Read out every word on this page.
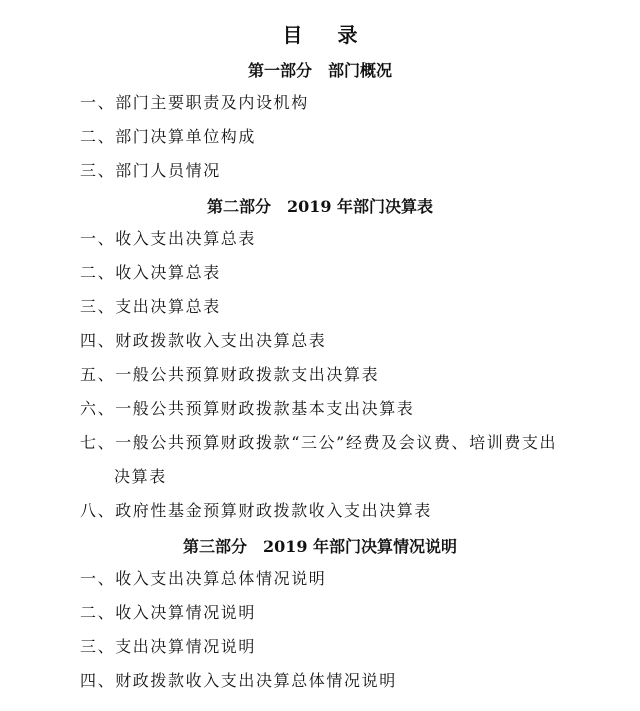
目 录
第一部分　部门概况
一、部门主要职责及内设机构
二、部门决算单位构成
三、部门人员情况
第二部分　2019 年部门决算表
一、收入支出决算总表
二、收入决算总表
三、支出决算总表
四、财政拨款收入支出决算总表
五、一般公共预算财政拨款支出决算表
六、一般公共预算财政拨款基本支出决算表
七、一般公共预算财政拨款“三公”经费及会议费、培训费支出决算表
八、政府性基金预算财政拨款收入支出决算表
第三部分　2019 年部门决算情况说明
一、收入支出决算总体情况说明
二、收入决算情况说明
三、支出决算情况说明
四、财政拨款收入支出决算总体情况说明
